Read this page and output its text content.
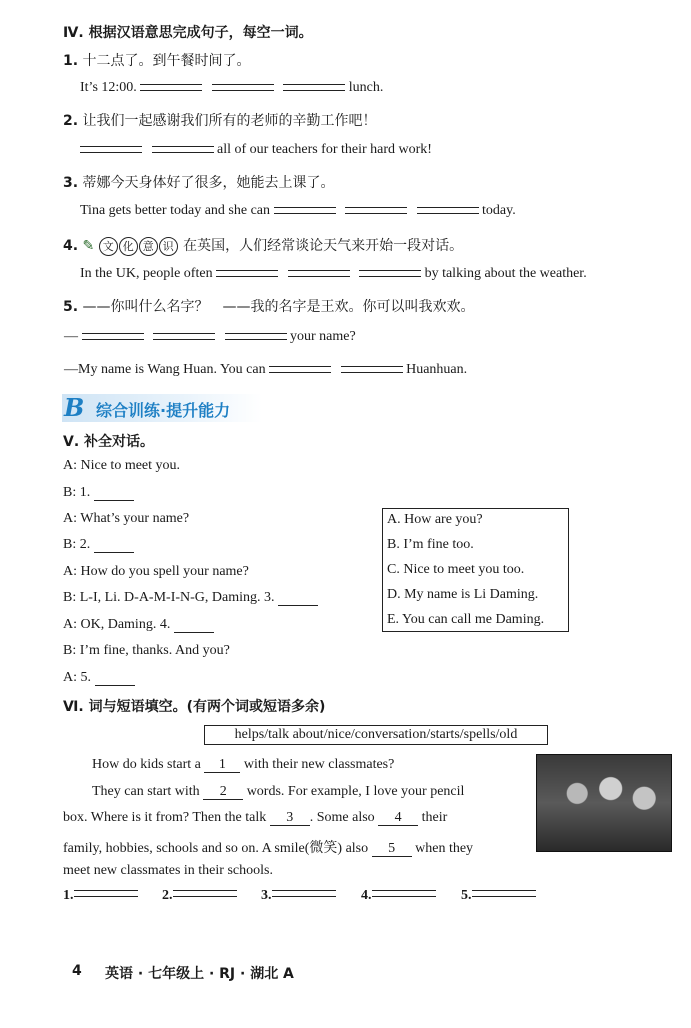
Ⅳ. 根据汉语意思完成句子，每空一词。
1. 十二点了。到午餐时间了。
It’s 12:00.	lunch.
2. 让我们一起感谢我们所有的老师的辛勤工作吧！
all of our teachers for their hard work!
3. 蒂娜今天身体好了很多，她能去上课了。
Tina gets better today and she can	today.
4. ✎ 文 化 意 识 在英国，人们经常谈论天气来开始一段对话。
In the UK, people often	by talking about the weather.
5. ——你叫什么名字？　——我的名字是王欢。你可以叫我欢欢。
—	your name?
—My name is Wang Huan. You can	Huanhuan.
B 综合训练·提升能力
Ⅴ. 补全对话。
A: Nice to meet you.
B: 1.
A: What’s your name?
B: 2.
A: How do you spell your name?
B: L-I, Li. D-A-M-I-N-G, Daming. 3.
A: OK, Daming. 4.
B: I’m fine, thanks. And you?
A: 5.
A. How are you?
B. I’m fine too.
C. Nice to meet you too.
D. My name is Li Daming.
E. You can call me Daming.
Ⅵ. 词与短语填空。(有两个词或短语多余)
helps/talk about/nice/conversation/starts/spells/old
How do kids start a 1 with their new classmates?
They can start with 2 words. For example, I love your pencil
box. Where is it from? Then the talk 3 . Some also 4 their
family, hobbies, schools and so on. A smile(微笑) also 5 when they
meet new classmates in their schools.
1.	2.	3.	4.	5.
4 英语 · 七年级上 · RJ · 湖北 A
